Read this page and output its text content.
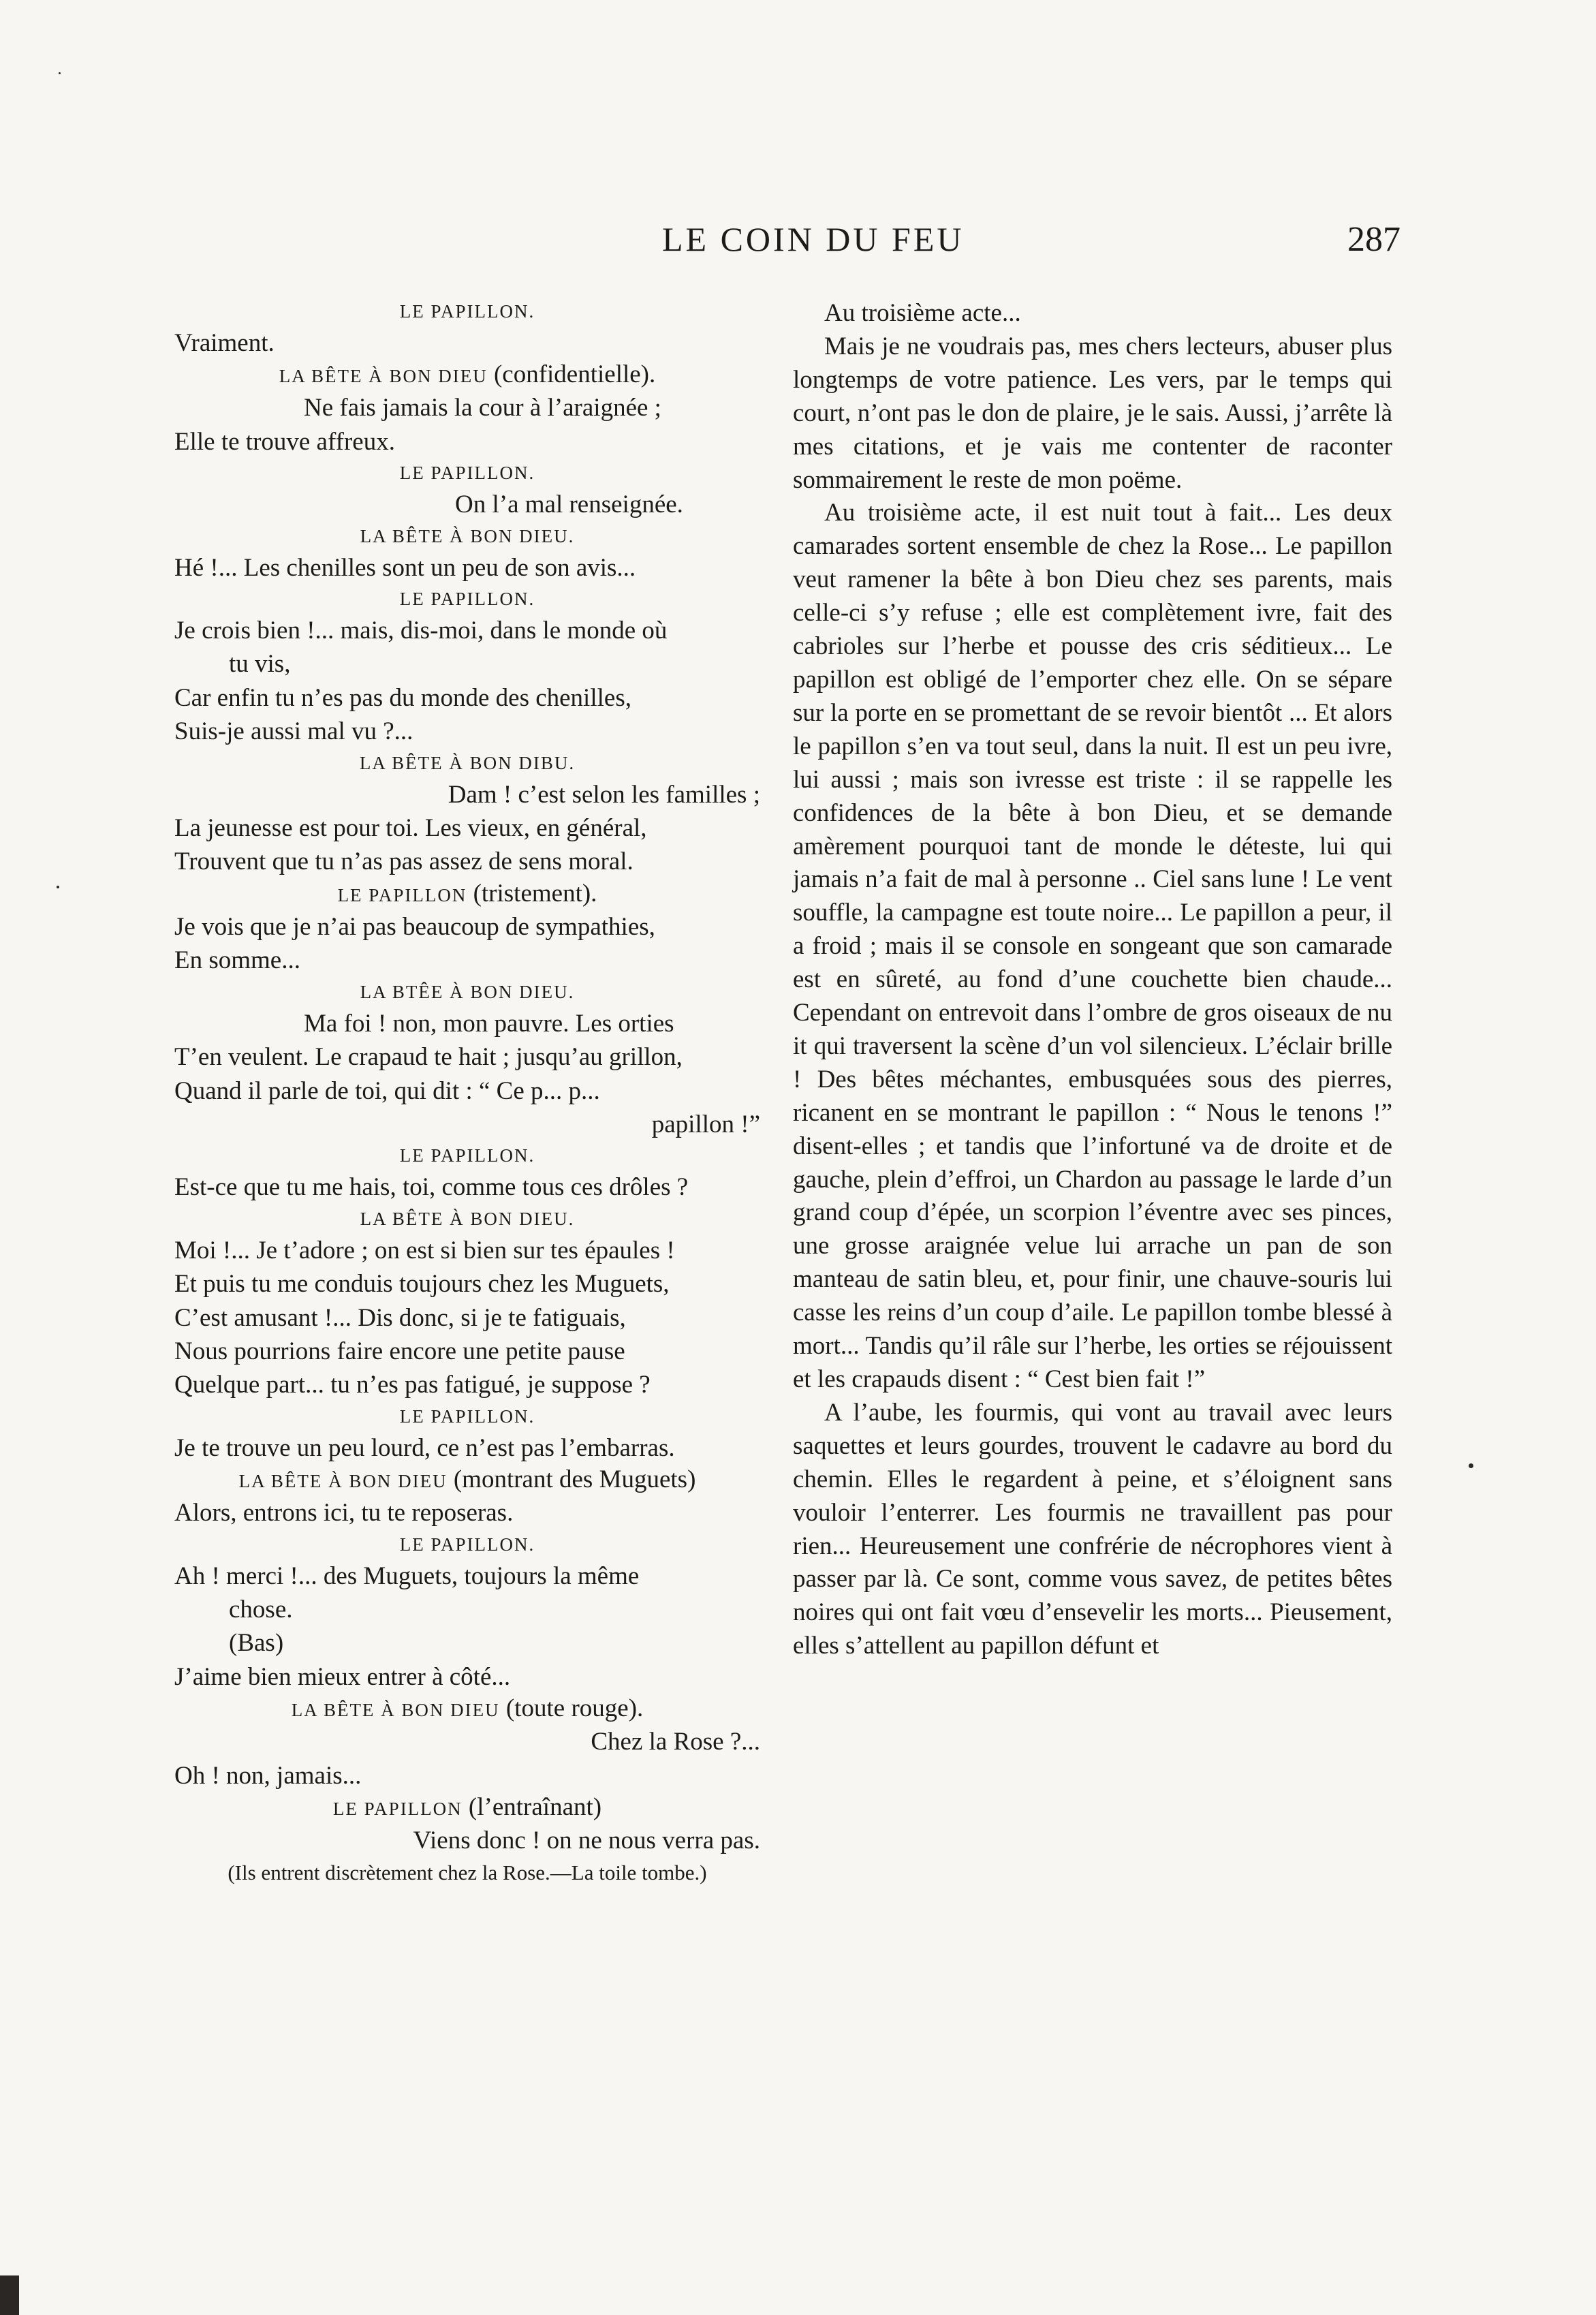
LE COIN DU FEU	287
LE PAPILLON.
Vraiment.
LA BÊTE À BON DIEU (confidentielle).
Ne fais jamais la cour à l’araignée ;
Elle te trouve affreux.
LE PAPILLON.
On l’a mal renseignée.
LA BÊTE À BON DIEU.
Hé !... Les chenilles sont un peu de son avis...
LE PAPILLON.
Je crois bien !... mais, dis-moi, dans le monde où
tu vis,
Car enfin tu n’es pas du monde des chenilles,
Suis-je aussi mal vu ?...
LA BÊTE À BON DIBU.
Dam ! c’est selon les familles ;
La jeunesse est pour toi. Les vieux, en général,
Trouvent que tu n’as pas assez de sens moral.
LE PAPILLON (tristement).
Je vois que je n’ai pas beaucoup de sympathies,
En somme...
LA BTÊE À BON DIEU.
Ma foi ! non, mon pauvre. Les orties
T’en veulent. Le crapaud te hait ; jusqu’au grillon,
Quand il parle de toi, qui dit : “ Ce p... p...
papillon !”
LE PAPILLON.
Est-ce que tu me hais, toi, comme tous ces drôles ?
LA BÊTE À BON DIEU.
Moi !... Je t’adore ; on est si bien sur tes épaules !
Et puis tu me conduis toujours chez les Muguets,
C’est amusant !... Dis donc, si je te fatiguais,
Nous pourrions faire encore une petite pause
Quelque part... tu n’es pas fatigué, je suppose ?
LE PAPILLON.
Je te trouve un peu lourd, ce n’est pas l’embarras.
LA BÊTE À BON DIEU (montrant des Muguets)
Alors, entrons ici, tu te reposeras.
LE PAPILLON.
Ah ! merci !... des Muguets, toujours la même
chose.
(Bas)
J’aime bien mieux entrer à côté...
LA BÊTE À BON DIEU (toute rouge).
Chez la Rose ?...
Oh ! non, jamais...
LE PAPILLON (l’entraînant)
Viens donc ! on ne nous verra pas.
(Ils entrent discrètement chez la Rose.—La toile tombe.)

Au troisième acte...

Mais je ne voudrais pas, mes chers lecteurs, abuser plus longtemps de votre patience. Les vers, par le temps qui court, n’ont pas le don de plaire, je le sais. Aussi, j’arrête là mes citations, et je vais me contenter de raconter sommairement le reste de mon poëme.

Au troisième acte, il est nuit tout à fait... Les deux camarades sortent ensemble de chez la Rose... Le papillon veut ramener la bête à bon Dieu chez ses parents, mais celle-ci s’y refuse ; elle est complètement ivre, fait des cabrioles sur l’herbe et pousse des cris séditieux... Le papillon est obligé de l’emporter chez elle. On se sépare sur la porte en se promettant de se revoir bientôt ... Et alors le papillon s’en va tout seul, dans la nuit. Il est un peu ivre, lui aussi ; mais son ivresse est triste : il se rappelle les confidences de la bête à bon Dieu, et se demande amèrement pourquoi tant de monde le déteste, lui qui jamais n’a fait de mal à personne .. Ciel sans lune ! Le vent souffle, la campagne est toute noire... Le papillon a peur, il a froid ; mais il se console en songeant que son camarade est en sûreté, au fond d’une couchette bien chaude... Cependant on entrevoit dans l’ombre de gros oiseaux de nu it qui traversent la scène d’un vol silencieux. L’éclair brille ! Des bêtes méchantes, embusquées sous des pierres, ricanent en se montrant le papillon : “ Nous le tenons !” disent-elles ; et tandis que l’infortuné va de droite et de gauche, plein d’effroi, un Chardon au passage le larde d’un grand coup d’épée, un scorpion l’éventre avec ses pinces, une grosse araignée velue lui arrache un pan de son manteau de satin bleu, et, pour finir, une chauve-souris lui casse les reins d’un coup d’aile. Le papillon tombe blessé à mort... Tandis qu’il râle sur l’herbe, les orties se réjouissent et les crapauds disent : “ Cest bien fait !”

A l’aube, les fourmis, qui vont au travail avec leurs saquettes et leurs gourdes, trouvent le cadavre au bord du chemin. Elles le regardent à peine, et s’éloignent sans vouloir l’enterrer. Les fourmis ne travaillent pas pour rien... Heureusement une confrérie de nécrophores vient à passer par là. Ce sont, comme vous savez, de petites bêtes noires qui ont fait vœu d’ensevelir les morts... Pieusement, elles s’attellent au papillon défunt et
